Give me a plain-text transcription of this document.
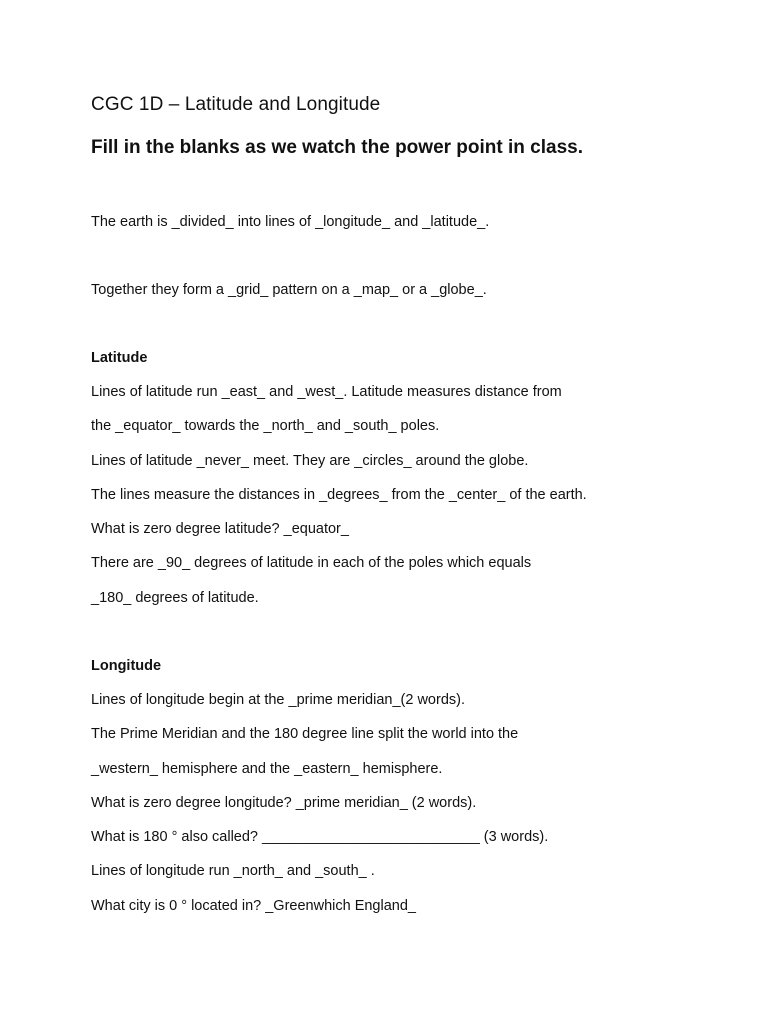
CGC 1D – Latitude and Longitude
Fill in the blanks as we watch the power point in class.
The earth is _divided_ into lines of _longitude_ and _latitude_.
Together they form a _grid_ pattern on a _map_ or a _globe_.
Latitude
Lines of latitude run _east_ and _west_. Latitude measures distance from
the _equator_ towards the _north_ and _south_ poles.
Lines of latitude _never_ meet. They are _circles_ around the globe.
The lines measure the distances in _degrees_ from the _center_ of the earth.
What is zero degree latitude? _equator_
There are _90_ degrees of latitude in each of the poles which equals
_180_ degrees of latitude.
Longitude
Lines of longitude begin at the _prime meridian_(2 words).
The Prime Meridian and the 180 degree line split the world into the
_western_ hemisphere and the _eastern_ hemisphere.
What is zero degree longitude? _prime meridian_ (2 words).
What is 180 ° also called? ___________________________ (3 words).
Lines of longitude run _north_ and _south_ .
What city is 0 ° located in? _Greenwhich England_
